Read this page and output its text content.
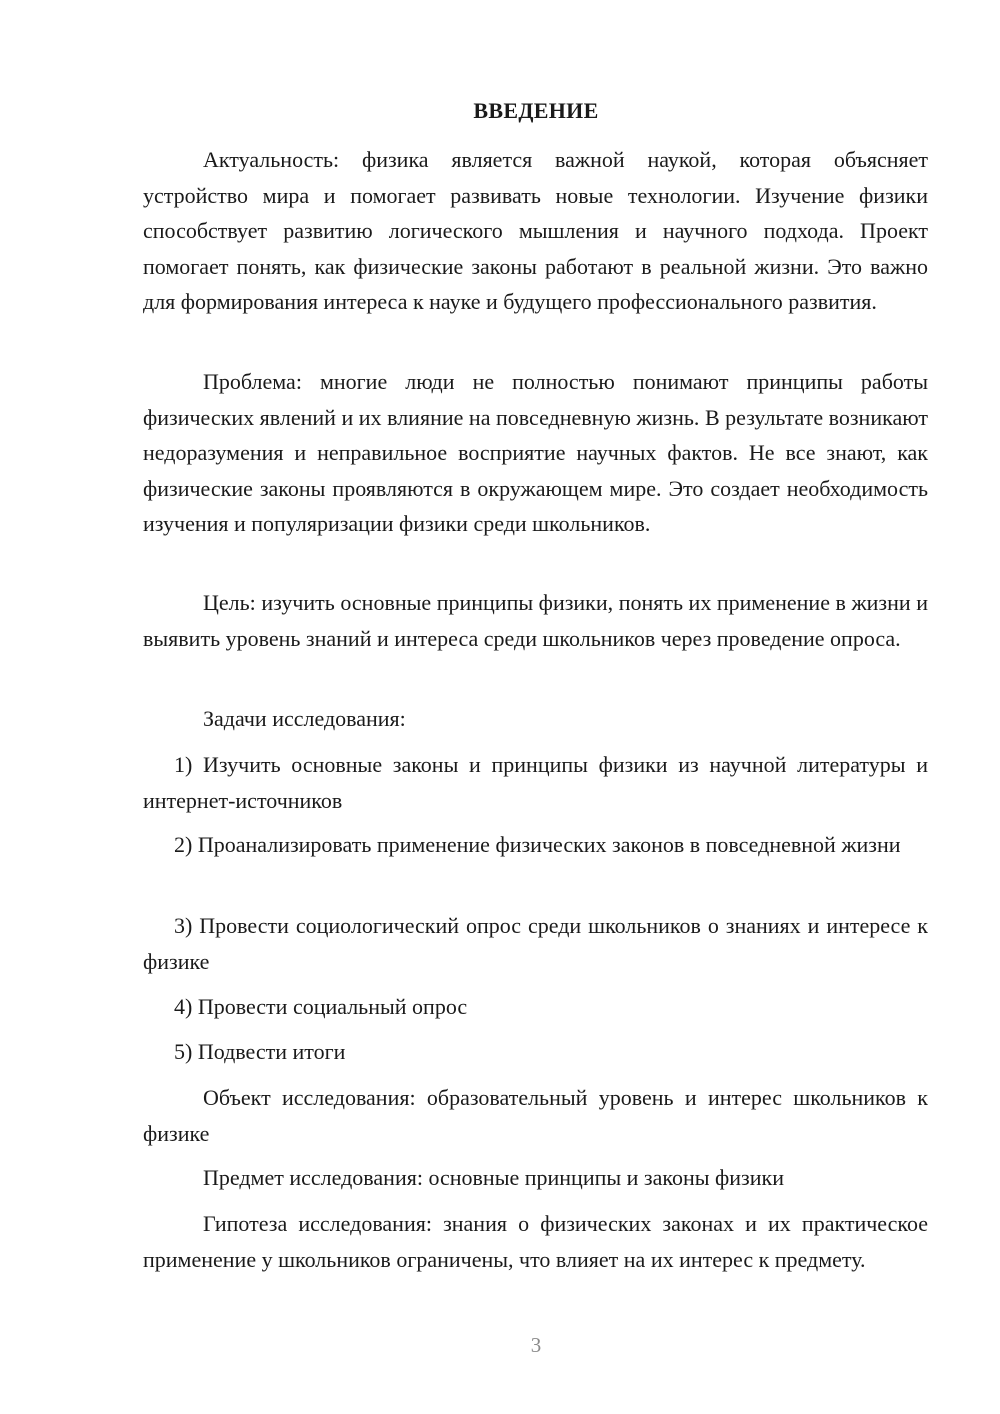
ВВЕДЕНИЕ

Актуальность: физика является важной наукой, которая объясняет устройство мира и помогает развивать новые технологии. Изучение физики способствует развитию логического мышления и научного подхода. Проект помогает понять, как физические законы работают в реальной жизни. Это важно для формирования интереса к науке и будущего профессионального развития.

Проблема: многие люди не полностью понимают принципы работы физических явлений и их влияние на повседневную жизнь. В результате возникают недоразумения и неправильное восприятие научных фактов. Не все знают, как физические законы проявляются в окружающем мире. Это создает необходимость изучения и популяризации физики среди школьников.

Цель: изучить основные принципы физики, понять их применение в жизни и выявить уровень знаний и интереса среди школьников через проведение опроса.

Задачи исследования:

1) Изучить основные законы и принципы физики из научной литературы и интернет-источников

2) Проанализировать применение физических законов в повседневной жизни

3) Провести социологический опрос среди школьников о знаниях и интересе к физике

4) Провести социальный опрос

5) Подвести итоги

Объект исследования: образовательный уровень и интерес школьников к физике

Предмет исследования: основные принципы и законы физики

Гипотеза исследования: знания о физических законах и их практическое применение у школьников ограничены, что влияет на их интерес к предмету.

3
